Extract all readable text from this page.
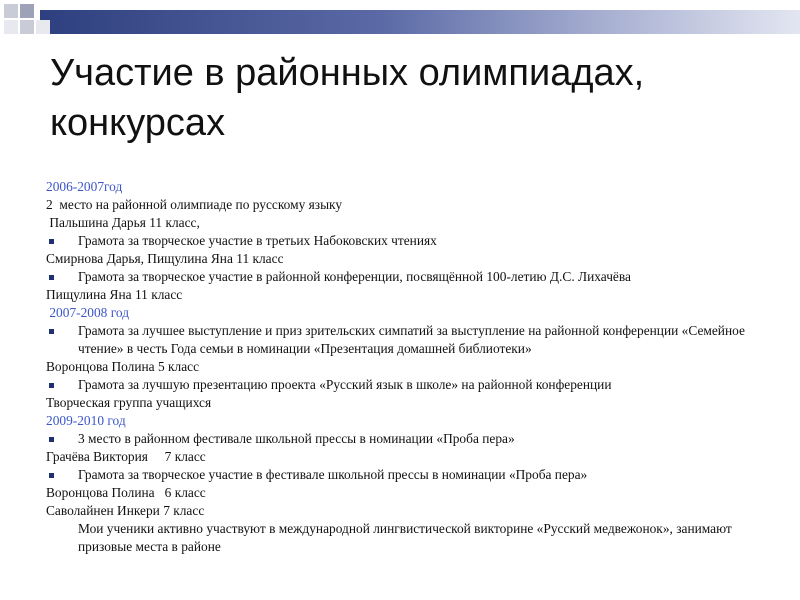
Участие в районных олимпиадах, конкурсах
2006-2007год
2  место на районной олимпиаде по русскому языку
Пальшина Дарья 11 класс,
Грамота за творческое участие в третьих Набоковских чтениях
Смирнова Дарья, Пищулина Яна 11 класс
Грамота за творческое участие в районной конференции, посвящённой 100-летию Д.С. Лихачёва
Пищулина Яна 11 класс
2007-2008 год
Грамота за лучшее выступление и приз зрительских симпатий за выступление на районной конференции «Семейное чтение» в честь Года семьи в номинации «Презентация домашней библиотеки»
Воронцова Полина 5 класс
Грамота за лучшую презентацию проекта «Русский язык в школе» на районной конференции
Творческая группа учащихся
2009-2010 год
3 место в районном фестивале школьной прессы в номинации «Проба пера»
Грачёва Виктория     7 класс
Грамота за творческое участие в фестивале школьной прессы в номинации «Проба пера»
Воронцова Полина   6 класс
Саволайнен Инкери 7 класс
Мои ученики активно участвуют в международной лингвистической викторине «Русский медвежонок», занимают призовые места в районе
